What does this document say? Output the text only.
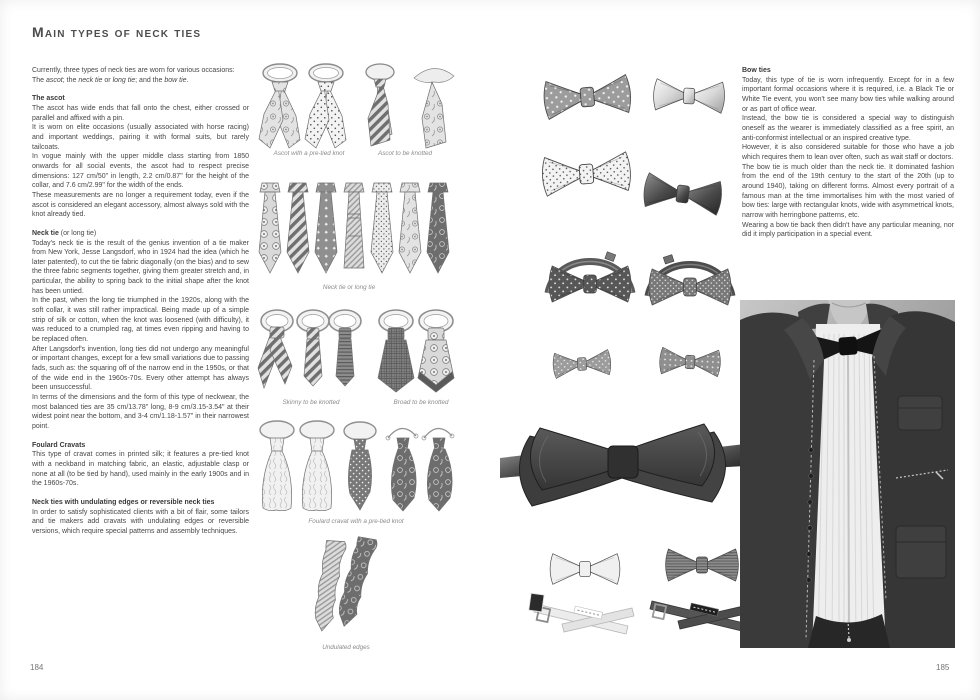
Main types of neck ties

Currently, three types of neck ties are worn for various occasions:

The ascot; the neck tie or long tie; and the bow tie.

The ascot

The ascot has wide ends that fall onto the chest, either crossed or parallel and affixed with a pin.

It is worn on elite occasions (usually associated with horse racing) and important weddings, pairing it with formal suits, but rarely tailcoats.

In vogue mainly with the upper middle class starting from 1850 onwards for all social events, the ascot had to respect precise dimensions: 127 cm/50" in length, 2.2 cm/0.87" for the height of the collar, and 7.6 cm/2.99" for the width of the ends.

These measurements are no longer a requirement today, even if the ascot is considered an elegant accessory, almost always sold with the knot already tied.

Neck tie (or long tie)

Today's neck tie is the result of the genius invention of a tie maker from New York, Jesse Langsdorf, who in 1924 had the idea (which he later patented), to cut the tie fabric diagonally (on the bias) and to sew the three fabric segments together, giving them greater stretch and, in particular, the ability to spring back to the initial shape after the knot has been untied.

In the past, when the long tie triumphed in the 1920s, along with the soft collar, it was still rather impractical. Being made up of a simple strip of silk or cotton, when the knot was loosened (with difficulty), it was reduced to a crumpled rag, at times even ripping and having to be replaced often.

After Langsdorf's invention, long ties did not undergo any meaningful or important changes, except for a few small variations due to passing fads, such as: the squaring off of the narrow end in the 1950s, or that of the wide end in the 1960s-70s. Every other attempt has always been unsuccessful.

In terms of the dimensions and the form of this type of neckwear, the most balanced ties are 35 cm/13.78" long, 8-9 cm/3.15-3.54" at their widest point near the bottom, and 3-4 cm/1.18-1.57" in their narrowest point.

Foulard Cravats

This type of cravat comes in printed silk; it features a pre-tied knot with a neckband in matching fabric, an elastic, adjustable clasp or none at all (to be tied by hand), used mainly in the early 1900s and in the 1960s-70s.

Neck ties with undulating edges or reversible neck ties

In order to satisfy sophisticated clients with a bit of flair, some tailors and tie makers add cravats with undulating edges or reversible versions, which require special patterns and assembly techniques.

Ascot with a pre-tied knot	Ascot to be knotted
Neck tie or long tie
Skinny to be knotted	Broad to be knotted
Foulard cravat with a pre-tied knot
Undulated edges
Bow ties

Today, this type of tie is worn infrequently. Except for in a few important formal occasions where it is required, i.e. a Black Tie or White Tie event, you won't see many bow ties while walking around or as part of office wear.

Instead, the bow tie is considered a special way to distinguish oneself as the wearer is immediately classified as a free spirit, an anti-conformist intellectual or an inspired creative type.

However, it is also considered suitable for those who have a job which requires them to lean over often, such as wait staff or doctors.

The bow tie is much older than the neck tie. It dominated fashion from the end of the 19th century to the start of the 20th (up to around 1940), taking on different forms. Almost every portrait of a famous man at the time immortalises him with the most varied of bow ties: large with rectangular knots, wide with asymmetrical knots, narrow with herringbone patterns, etc.

Wearing a bow tie back then didn't have any particular meaning, nor did it imply participation in a special event.

184	185
